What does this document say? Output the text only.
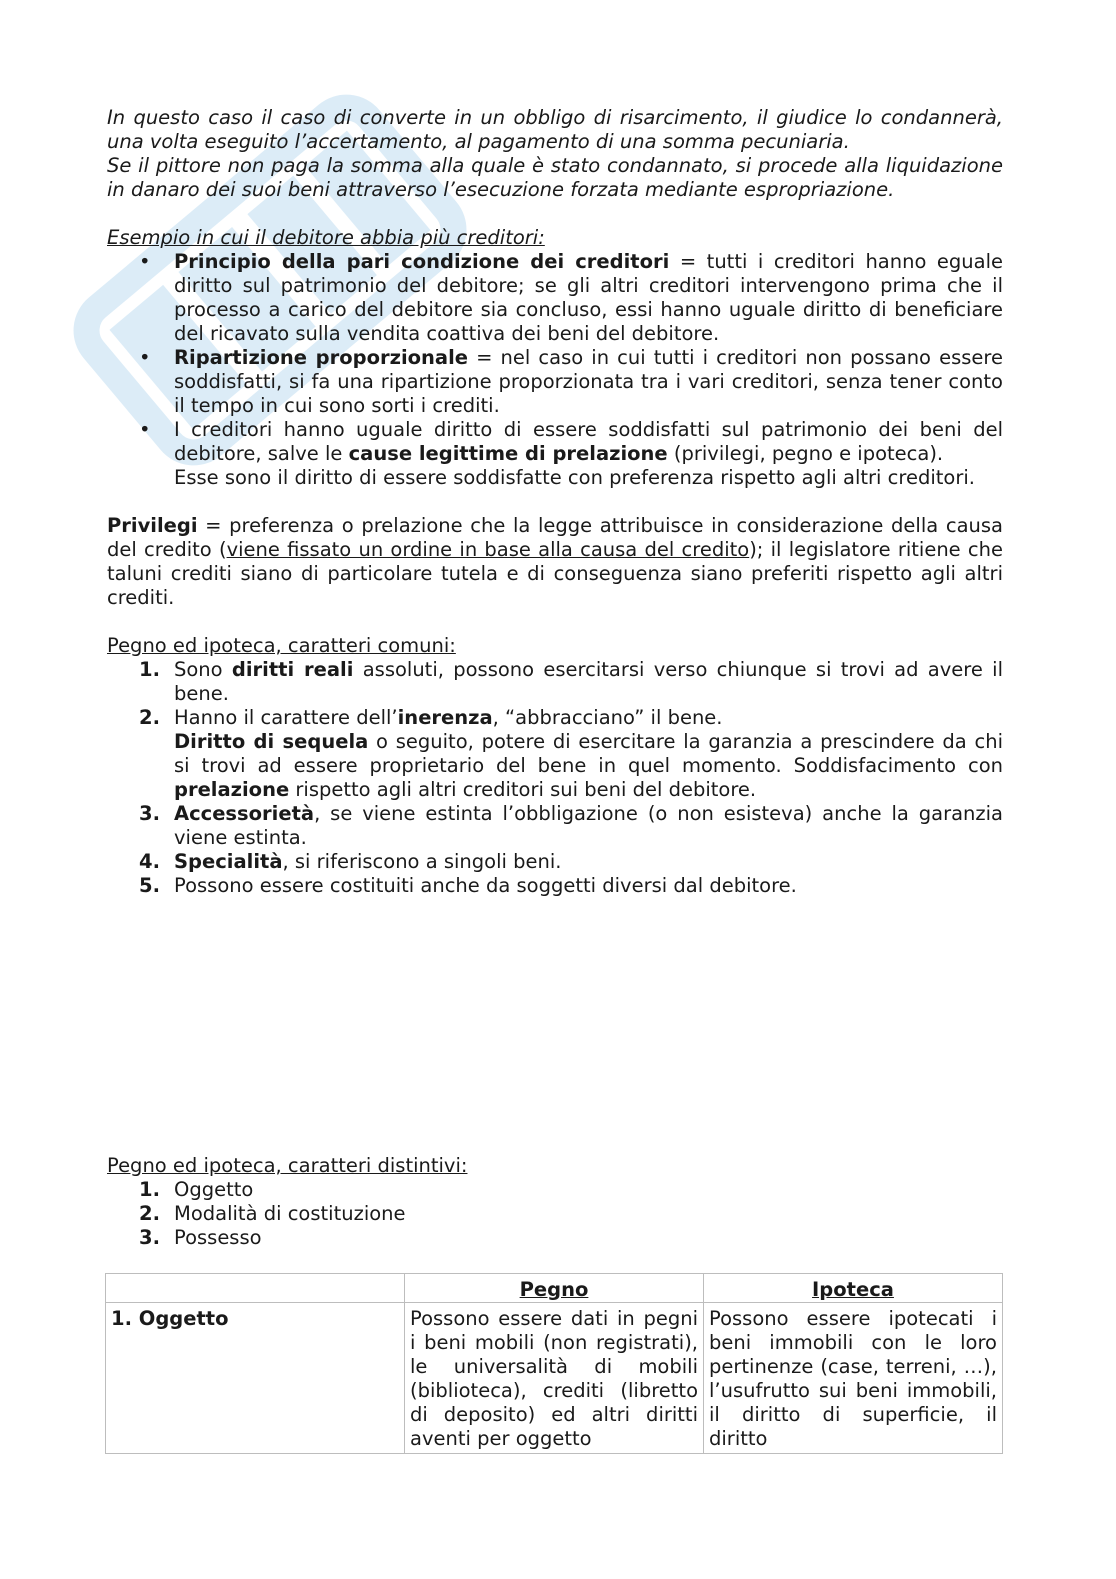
In questo caso il caso di converte in un obbligo di risarcimento, il giudice lo condannerà, una volta eseguito l’accertamento, al pagamento di una somma pecuniaria.

Se il pittore non paga la somma alla quale è stato condannato, si procede alla liquidazione in danaro dei suoi beni attraverso l’esecuzione forzata mediante espropriazione.

Esempio in cui il debitore abbia più creditori:

• Principio della pari condizione dei creditori = tutti i creditori hanno eguale diritto sul patrimonio del debitore; se gli altri creditori intervengono prima che il processo a carico del debitore sia concluso, essi hanno uguale diritto di beneficiare del ricavato sulla vendita coattiva dei beni del debitore.
• Ripartizione proporzionale = nel caso in cui tutti i creditori non possano essere soddisfatti, si fa una ripartizione proporzionata tra i vari creditori, senza tener conto il tempo in cui sono sorti i crediti.
• I creditori hanno uguale diritto di essere soddisfatti sul patrimonio dei beni del debitore, salve le cause legittime di prelazione (privilegi, pegno e ipoteca).
Esse sono il diritto di essere soddisfatte con preferenza rispetto agli altri creditori.

Privilegi = preferenza o prelazione che la legge attribuisce in considerazione della causa del credito (viene fissato un ordine in base alla causa del credito); il legislatore ritiene che taluni crediti siano di particolare tutela e di conseguenza siano preferiti rispetto agli altri crediti.

Pegno ed ipoteca, caratteri comuni:

1. Sono diritti reali assoluti, possono esercitarsi verso chiunque si trovi ad avere il bene.
2. Hanno il carattere dell’inerenza, “abbracciano” il bene.
Diritto di sequela o seguito, potere di esercitare la garanzia a prescindere da chi si trovi ad essere proprietario del bene in quel momento. Soddisfacimento con prelazione rispetto agli altri creditori sui beni del debitore.
3. Accessorietà, se viene estinta l’obbligazione (o non esisteva) anche la garanzia viene estinta.
4. Specialità, si riferiscono a singoli beni.
5. Possono essere costituiti anche da soggetti diversi dal debitore.

Pegno ed ipoteca, caratteri distintivi:

1. Oggetto
2. Modalità di costituzione
3. Possesso
	Pegno	Ipoteca
1. Oggetto	Possono essere dati in pegni i beni mobili (non registrati), le universalità di mobili (biblioteca), crediti (libretto di deposito) ed altri diritti aventi per oggetto	Possono essere ipotecati i beni immobili con le loro pertinenze (case, terreni, …), l’usufrutto sui beni immobili, il diritto di superficie, il diritto
